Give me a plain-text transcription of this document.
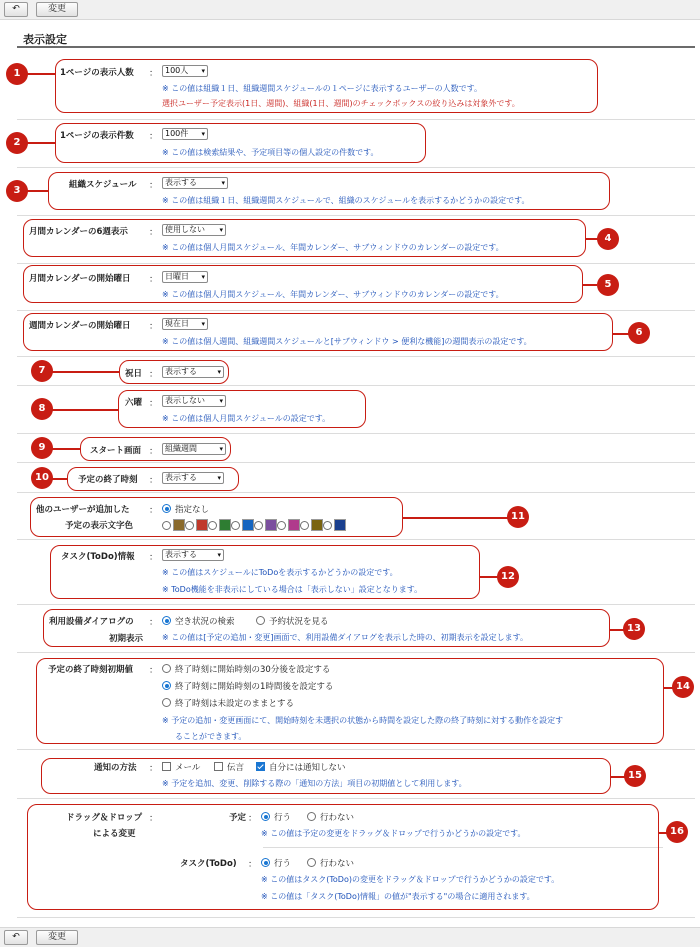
↶	変更
表示設定
1ページの表示人数 ： 100人 ▾
※ この値は組織１日、組織週間スケジュールの１ページに表示するユーザーの人数です。
選択ユーザー予定表示(1日、週間)、組織(1日、週間)のチェックボックスの絞り込みは対象外です。
1ページの表示件数 ： 100件 ▾
※ この値は検索結果や、予定項目等の個人設定の件数です。
組織スケジュール ： 表示する	▾
※ この値は組織１日、組織週間スケジュールで、組織のスケジュールを表示するかどうかの設定です。
月間カレンダーの6週表示 ： 使用しない ▾
※ この値は個人月間スケジュール、年間カレンダー、サブウィンドウのカレンダーの設定です。
月間カレンダーの開始曜日 ： 日曜日 ▾
※ この値は個人月間スケジュール、年間カレンダー、サブウィンドウのカレンダーの設定です。
週間カレンダーの開始曜日 ： 現在日 ▾
※ この値は個人週間、組織週間スケジュールと[サブウィンドウ > 便利な機能]の週間表示の設定です。
祝日 ： 表示する	▾
六曜 ： 表示しない ▾
※ この値は個人月間スケジュールの設定です。
スタート画面 ： 組織週間	▾
予定の終了時刻 ： 表示する	▾
他のユーザーが追加した
予定の表示文字色
： 指定なし
タスク(ToDo)情報 ： 表示する	▾
※ この値はスケジュールにToDoを表示するかどうかの設定です。
※ ToDo機能を非表示にしている場合は「表示しない」設定となります。
利用設備ダイアログの
初期表示
： 空き状況の検索	予約状況を見る
※ この値は[予定の追加・変更]画面で、利用設備ダイアログを表示した時の、初期表示を設定します。
予定の終了時刻初期値 ： 終了時刻に開始時刻の30分後を設定する
終了時刻に開始時刻の1時間後を設定する
終了時刻は未設定のままとする
※ 予定の追加・変更画面にて、開始時刻を未選択の状態から時間を設定した際の終了時刻に対する動作を設定す
ることができます。
通知の方法 ： メール	伝言	自分には通知しない
※ 予定を追加、変更、削除する際の「通知の方法」項目の初期値として利用します。
ドラッグ＆ドロップ
による変更
：	予定 ： 行う	行わない
※ この値は予定の変更をドラッグ＆ドロップで行うかどうかの設定です。
タスク(ToDo) ： 行う	行わない
※ この値はタスク(ToDo)の変更をドラッグ＆ドロップで行うかどうかの設定です。
※ この値は「タスク(ToDo)情報」の値が"表示する"の場合に適用されます。
1
2
3
4
5
6
7
8
9
10
11
12
13
14
15
16
↶	変更
